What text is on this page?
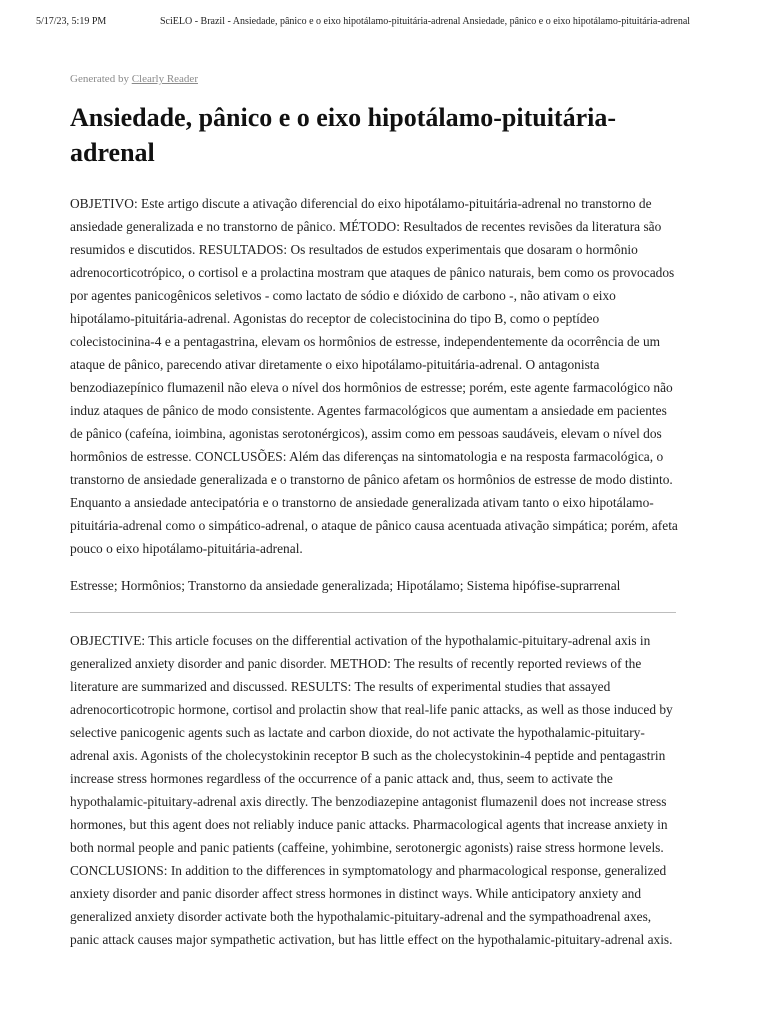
5/17/23, 5:19 PM	SciELO - Brazil - Ansiedade, pânico e o eixo hipotálamo-pituitária-adrenal Ansiedade, pânico e o eixo hipotálamo-pituitária-adrenal

Generated by Clearly Reader

Ansiedade, pânico e o eixo hipotálamo-pituitária-adrenal

OBJETIVO: Este artigo discute a ativação diferencial do eixo hipotálamo-pituitária-adrenal no transtorno de ansiedade generalizada e no transtorno de pânico. MÉTODO: Resultados de recentes revisões da literatura são resumidos e discutidos. RESULTADOS: Os resultados de estudos experimentais que dosaram o hormônio adrenocorticotrópico, o cortisol e a prolactina mostram que ataques de pânico naturais, bem como os provocados por agentes panicogênicos seletivos - como lactato de sódio e dióxido de carbono -, não ativam o eixo hipotálamo-pituitária-adrenal. Agonistas do receptor de colecistocinina do tipo B, como o peptídeo colecistocinina-4 e a pentagastrina, elevam os hormônios de estresse, independentemente da ocorrência de um ataque de pânico, parecendo ativar diretamente o eixo hipotálamo-pituitária-adrenal. O antagonista benzodiazepínico flumazenil não eleva o nível dos hormônios de estresse; porém, este agente farmacológico não induz ataques de pânico de modo consistente. Agentes farmacológicos que aumentam a ansiedade em pacientes de pânico (cafeína, ioimbina, agonistas serotonérgicos), assim como em pessoas saudáveis, elevam o nível dos hormônios de estresse. CONCLUSÕES: Além das diferenças na sintomatologia e na resposta farmacológica, o transtorno de ansiedade generalizada e o transtorno de pânico afetam os hormônios de estresse de modo distinto. Enquanto a ansiedade antecipatória e o transtorno de ansiedade generalizada ativam tanto o eixo hipotálamo-pituitária-adrenal como o simpático-adrenal, o ataque de pânico causa acentuada ativação simpática; porém, afeta pouco o eixo hipotálamo-pituitária-adrenal.

Estresse; Hormônios; Transtorno da ansiedade generalizada; Hipotálamo; Sistema hipófise-suprarrenal

OBJECTIVE: This article focuses on the differential activation of the hypothalamic-pituitary-adrenal axis in generalized anxiety disorder and panic disorder. METHOD: The results of recently reported reviews of the literature are summarized and discussed. RESULTS: The results of experimental studies that assayed adrenocorticotropic hormone, cortisol and prolactin show that real-life panic attacks, as well as those induced by selective panicogenic agents such as lactate and carbon dioxide, do not activate the hypothalamic-pituitary-adrenal axis. Agonists of the cholecystokinin receptor B such as the cholecystokinin-4 peptide and pentagastrin increase stress hormones regardless of the occurrence of a panic attack and, thus, seem to activate the hypothalamic-pituitary-adrenal axis directly. The benzodiazepine antagonist flumazenil does not increase stress hormones, but this agent does not reliably induce panic attacks. Pharmacological agents that increase anxiety in both normal people and panic patients (caffeine, yohimbine, serotonergic agonists) raise stress hormone levels. CONCLUSIONS: In addition to the differences in symptomatology and pharmacological response, generalized anxiety disorder and panic disorder affect stress hormones in distinct ways. While anticipatory anxiety and generalized anxiety disorder activate both the hypothalamic-pituitary-adrenal and the sympathoadrenal axes, panic attack causes major sympathetic activation, but has little effect on the hypothalamic-pituitary-adrenal axis.
